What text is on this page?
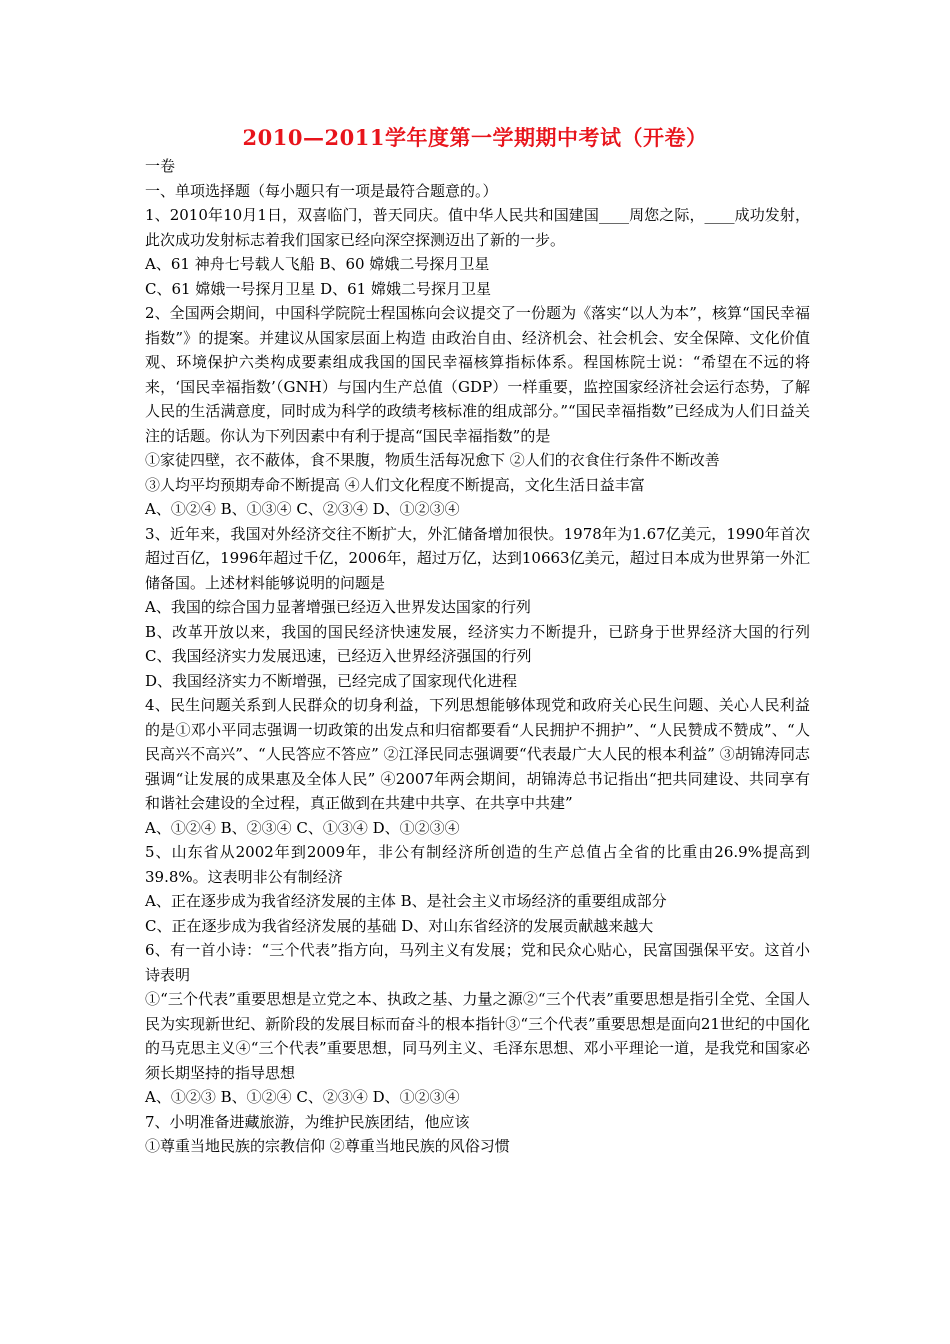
2010—2011学年度第一学期期中考试（开卷）

一卷

一、单项选择题（每小题只有一项是最符合题意的。）

1、2010年10月1日，双喜临门，普天同庆。值中华人民共和国建国____周您之际，____成功发射，此次成功发射标志着我们国家已经向深空探测迈出了新的一步。

A、61 神舟七号载人飞船 B、60 嫦娥二号探月卫星

C、61 嫦娥一号探月卫星 D、61 嫦娥二号探月卫星

2、全国两会期间，中国科学院院士程国栋向会议提交了一份题为《落实“以人为本”，核算“国民幸福指数”》的提案。并建议从国家层面上构造 由政治自由、经济机会、社会机会、安全保障、文化价值观、环境保护六类构成要素组成我国的国民幸福核算指标体系。程国栋院士说：“希望在不远的将来，‘国民幸福指数’（GNH）与国内生产总值（GDP）一样重要，监控国家经济社会运行态势，了解人民的生活满意度，同时成为科学的政绩考核标准的组成部分。”“国民幸福指数”已经成为人们日益关注的话题。你认为下列因素中有利于提高“国民幸福指数”的是

①家徒四壁，衣不蔽体，食不果腹，物质生活每况愈下 ②人们的衣食住行条件不断改善

③人均平均预期寿命不断提高 ④人们文化程度不断提高，文化生活日益丰富

A、①②④ B、①③④ C、②③④ D、①②③④

3、近年来，我国对外经济交往不断扩大，外汇储备增加很快。1978年为1.67亿美元，1990年首次超过百亿，1996年超过千亿，2006年，超过万亿，达到10663亿美元，超过日本成为世界第一外汇储备国。上述材料能够说明的问题是

A、我国的综合国力显著增强已经迈入世界发达国家的行列

B、改革开放以来，我国的国民经济快速发展，经济实力不断提升，已跻身于世界经济大国的行列 C、我国经济实力发展迅速，已经迈入世界经济强国的行列

D、我国经济实力不断增强，已经完成了国家现代化进程

4、民生问题关系到人民群众的切身利益，下列思想能够体现党和政府关心民生问题、关心人民利益的是①邓小平同志强调一切政策的出发点和归宿都要看“人民拥护不拥护”、“人民赞成不赞成”、“人民高兴不高兴”、“人民答应不答应” ②江泽民同志强调要“代表最广大人民的根本利益” ③胡锦涛同志强调“让发展的成果惠及全体人民” ④2007年两会期间，胡锦涛总书记指出“把共同建设、共同享有和谐社会建设的全过程，真正做到在共建中共享、在共享中共建”

A、①②④ B、②③④ C、①③④ D、①②③④

5、山东省从2002年到2009年，非公有制经济所创造的生产总值占全省的比重由26.9%提高到39.8%。这表明非公有制经济

A、正在逐步成为我省经济发展的主体 B、是社会主义市场经济的重要组成部分

C、正在逐步成为我省经济发展的基础 D、对山东省经济的发展贡献越来越大

6、有一首小诗：“三个代表”指方向，马列主义有发展；党和民众心贴心，民富国强保平安。这首小诗表明

①“三个代表”重要思想是立党之本、执政之基、力量之源②“三个代表”重要思想是指引全党、全国人民为实现新世纪、新阶段的发展目标而奋斗的根本指针③“三个代表”重要思想是面向21世纪的中国化的马克思主义④“三个代表”重要思想，同马列主义、毛泽东思想、邓小平理论一道，是我党和国家必须长期坚持的指导思想

A、①②③ B、①②④ C、②③④ D、①②③④

7、小明准备进藏旅游，为维护民族团结，他应该

①尊重当地民族的宗教信仰 ②尊重当地民族的风俗习惯
